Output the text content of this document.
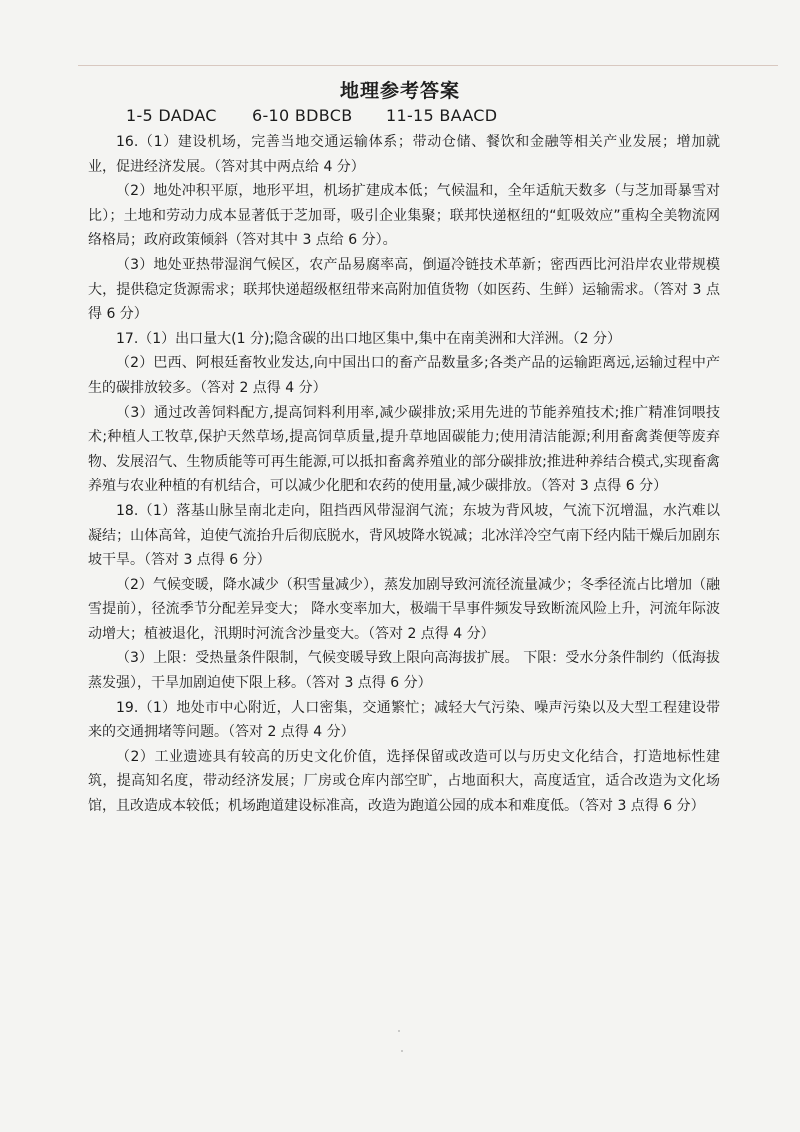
地理参考答案
1-5 DADAC 6-10 BDBCB 11-15 BAACD

16.（1）建设机场，完善当地交通运输体系；带动仓储、餐饮和金融等相关产业发展；增加就业，促进经济发展。（答对其中两点给 4 分）

（2）地处冲积平原，地形平坦，机场扩建成本低；气候温和，全年适航天数多（与芝加哥暴雪对比）；土地和劳动力成本显著低于芝加哥，吸引企业集聚；联邦快递枢纽的“虹吸效应”重构全美物流网络格局；政府政策倾斜（答对其中 3 点给 6 分）。

（3）地处亚热带湿润气候区，农产品易腐率高，倒逼冷链技术革新；密西西比河沿岸农业带规模大，提供稳定货源需求；联邦快递超级枢纽带来高附加值货物（如医药、生鲜）运输需求。（答对 3 点得 6 分）

17.（1）出口量大(1 分);隐含碳的出口地区集中,集中在南美洲和大洋洲。（2 分）

（2）巴西、阿根廷畜牧业发达,向中国出口的畜产品数量多;各类产品的运输距离远,运输过程中产生的碳排放较多。（答对 2 点得 4 分）

（3）通过改善饲料配方,提高饲料利用率,减少碳排放;采用先进的节能养殖技术;推广精准饲喂技术;种植人工牧草,保护天然草场,提高饲草质量,提升草地固碳能力;使用清洁能源;利用畜禽粪便等废弃物、发展沼气、生物质能等可再生能源,可以抵扣畜禽养殖业的部分碳排放;推进种养结合模式,实现畜禽养殖与农业种植的有机结合，可以减少化肥和农药的使用量,减少碳排放。（答对 3 点得 6 分）

18.（1）落基山脉呈南北走向，阻挡西风带湿润气流；东坡为背风坡，气流下沉增温，水汽难以凝结；山体高耸，迫使气流抬升后彻底脱水，背风坡降水锐减；北冰洋冷空气南下经内陆干燥后加剧东坡干旱。（答对 3 点得 6 分）

（2）气候变暖，降水减少（积雪量减少），蒸发加剧导致河流径流量减少；冬季径流占比增加（融雪提前），径流季节分配差异变大； 降水变率加大，极端干旱事件频发导致断流风险上升，河流年际波动增大；植被退化，汛期时河流含沙量变大。（答对 2 点得 4 分）

（3）上限：受热量条件限制，气候变暖导致上限向高海拔扩展。 下限：受水分条件制约（低海拔蒸发强），干旱加剧迫使下限上移。（答对 3 点得 6 分）

19.（1）地处市中心附近，人口密集，交通繁忙；减轻大气污染、噪声污染以及大型工程建设带来的交通拥堵等问题。（答对 2 点得 4 分）

（2）工业遗迹具有较高的历史文化价值，选择保留或改造可以与历史文化结合，打造地标性建筑，提高知名度，带动经济发展；厂房或仓库内部空旷，占地面积大，高度适宜，适合改造为文化场馆，且改造成本较低；机场跑道建设标准高，改造为跑道公园的成本和难度低。（答对 3 点得 6 分）
